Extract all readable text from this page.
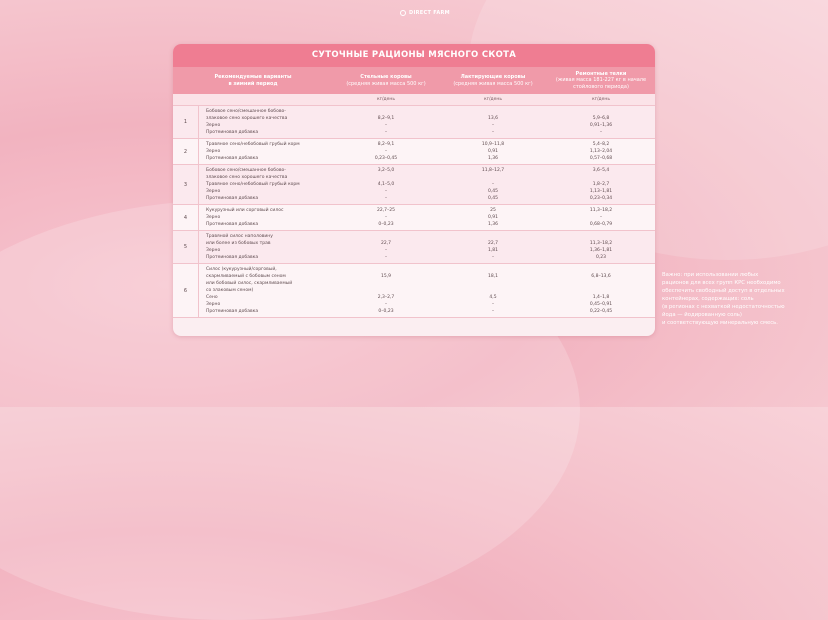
DIRECT FARM
СУТОЧНЫЕ РАЦИОНЫ МЯСНОГО СКОТА
Рекомендуемые варианты
в зимний период
Стельные коровы
(средняя живая масса 500 кг)
Лактирующие коровы
(средняя живая масса 500 кг)
Ремонтные телки
(живая масса 181-227 кг в начале
стойлового периода)
кг/день	кг/день	кг/день
1
Бобовое сено/смешанное бобово-
злаковое сено хорошего качества	8,2–9,1	13,6	5,9–6,8
Зерно	–	–	0,91–1,36
Протеиновая добавка	–	–	–
2
Травяное сено/небобовый грубый корм	8,2–9,1	10,9–11,8	5,4–8,2
Зерно	–	0,91	1,13–2,04
Протеиновая добавка	0,23–0,45	1,36	0,57–0,68
3
Бобовое сено/смешанное бобово-	3,2–5,0	11,8–12,7	3,6–5,4
злаковое сено хорошего качества
Травяное сено/небобовый грубый корм	4,1–5,0	–	1,8–2,7
Зерно	–	0,45	1,13–1,81
Протеиновая добавка	–	0,45	0,23–0,34
4
Кукурузный или сорговый силос	22,7–25	25	11,3–18,2
Зерно	–	0,91	–
Протеиновая добавка	0–0,23	1,36	0,68–0,79
5
Травяной силос наполовину
или более из бобовых трав	22,7	22,7	11,3–18,2
Зерно	–	1,81	1,36–1,81
Протеиновая добавка	–	–	0,23
6
Силос (кукурузный/сорговый,
скармливаемый с бобовым сеном	15,9	18,1	6,8–13,6
или бобовый силос, скармливаемый
со злаковым сеном)
Сено	2,3–2,7	4,5	1,4–1,8
Зерно	–	–	0,45–0,91
Протеиновая добавка	0–0,23	–	0,22–0,45
Важно: при использовании любых
рационов для всех групп КРС необходимо
обеспечить свободный доступ в отдельных
контейнерах, содержащих: соль
(в регионах с нехваткой недостаточностью
йода — йодированную соль)
и соответствующую минеральную смесь.
